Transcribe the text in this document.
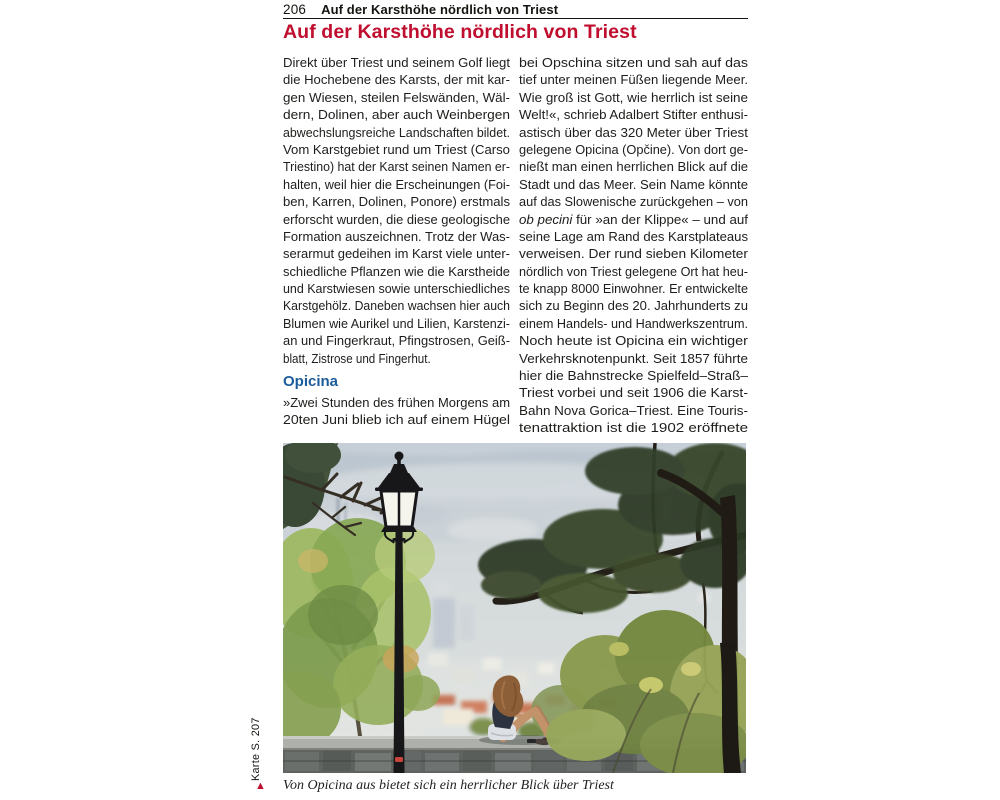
206 Auf der Karsthöhe nördlich von Triest
Auf der Karsthöhe nördlich von Triest
Direkt über Triest und seinem Golf liegt
die Hochebene des Karsts, der mit kar-
gen Wiesen, steilen Felswänden, Wäl-
dern, Dolinen, aber auch Weinbergen
abwechslungsreiche Landschaften bildet.
Vom Karstgebiet rund um Triest (Carso
Triestino) hat der Karst seinen Namen er-
halten, weil hier die Erscheinungen (Foi-
ben, Karren, Dolinen, Ponore) erstmals
erforscht wurden, die diese geologische
Formation auszeichnen. Trotz der Was-
serarmut gedeihen im Karst viele unter-
schiedliche Pflanzen wie die Karstheide
und Karstwiesen sowie unterschiedliches
Karstgehölz. Daneben wachsen hier auch
Blumen wie Aurikel und Lilien, Karstenzi-
an und Fingerkraut, Pfingstrosen, Geiß-
blatt, Zistrose und Fingerhut.
Opicina
»Zwei Stunden des frühen Morgens am
20ten Juni blieb ich auf einem Hügel
bei Opschina sitzen und sah auf das
tief unter meinen Füßen liegende Meer.
Wie groß ist Gott, wie herrlich ist seine
Welt!«, schrieb Adalbert Stifter enthusi-
astisch über das 320 Meter über Triest
gelegene Opicina (Opčine). Von dort ge-
nießt man einen herrlichen Blick auf die
Stadt und das Meer. Sein Name könnte
auf das Slowenische zurückgehen – von
ob pecini für »an der Klippe« – und auf
seine Lage am Rand des Karstplateaus
verweisen. Der rund sieben Kilometer
nördlich von Triest gelegene Ort hat heu-
te knapp 8000 Einwohner. Er entwickelte
sich zu Beginn des 20. Jahrhunderts zu
einem Handels- und Handwerkszentrum.
Noch heute ist Opicina ein wichtiger
Verkehrsknotenpunkt. Seit 1857 führte
hier die Bahnstrecke Spielfeld–Straß–
Triest vorbei und seit 1906 die Karst-
Bahn Nova Gorica–Triest. Eine Touris-
tenattraktion ist die 1902 eröffnete
▲ Von Opicina aus bietet sich ein herrlicher Blick über Triest
Karte S. 207
